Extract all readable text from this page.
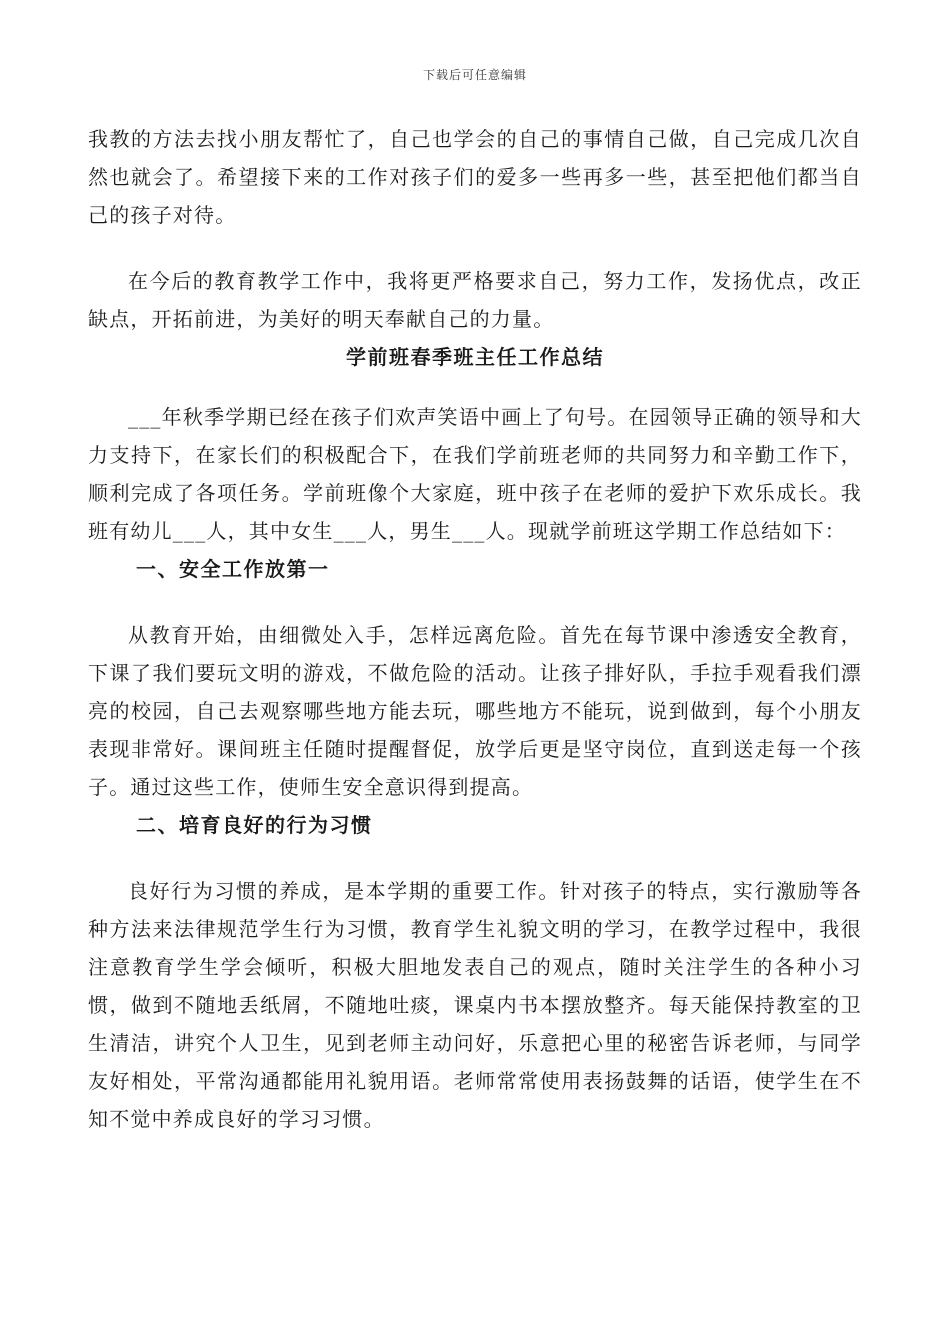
下载后可任意编辑

我教的方法去找小朋友帮忙了，自己也学会的自己的事情自己做，自己完成几次自然也就会了。希望接下来的工作对孩子们的爱多一些再多一些，甚至把他们都当自己的孩子对待。

在今后的教育教学工作中，我将更严格要求自己，努力工作，发扬优点，改正缺点，开拓前进，为美好的明天奉献自己的力量。

学前班春季班主任工作总结

___年秋季学期已经在孩子们欢声笑语中画上了句号。在园领导正确的领导和大力支持下，在家长们的积极配合下，在我们学前班老师的共同努力和辛勤工作下，顺利完成了各项任务。学前班像个大家庭，班中孩子在老师的爱护下欢乐成长。我班有幼儿___人，其中女生___人，男生___人。现就学前班这学期工作总结如下：

一、安全工作放第一

从教育开始，由细微处入手，怎样远离危险。首先在每节课中渗透安全教育，下课了我们要玩文明的游戏，不做危险的活动。让孩子排好队，手拉手观看我们漂亮的校园，自己去观察哪些地方能去玩，哪些地方不能玩，说到做到，每个小朋友表现非常好。课间班主任随时提醒督促，放学后更是坚守岗位，直到送走每一个孩子。通过这些工作，使师生安全意识得到提高。

二、培育良好的行为习惯

良好行为习惯的养成，是本学期的重要工作。针对孩子的特点，实行激励等各种方法来法律规范学生行为习惯，教育学生礼貌文明的学习，在教学过程中，我很注意教育学生学会倾听，积极大胆地发表自己的观点，随时关注学生的各种小习惯，做到不随地丢纸屑，不随地吐痰，课桌内书本摆放整齐。每天能保持教室的卫生清洁，讲究个人卫生，见到老师主动问好，乐意把心里的秘密告诉老师，与同学友好相处，平常沟通都能用礼貌用语。老师常常使用表扬鼓舞的话语，使学生在不知不觉中养成良好的学习习惯。
